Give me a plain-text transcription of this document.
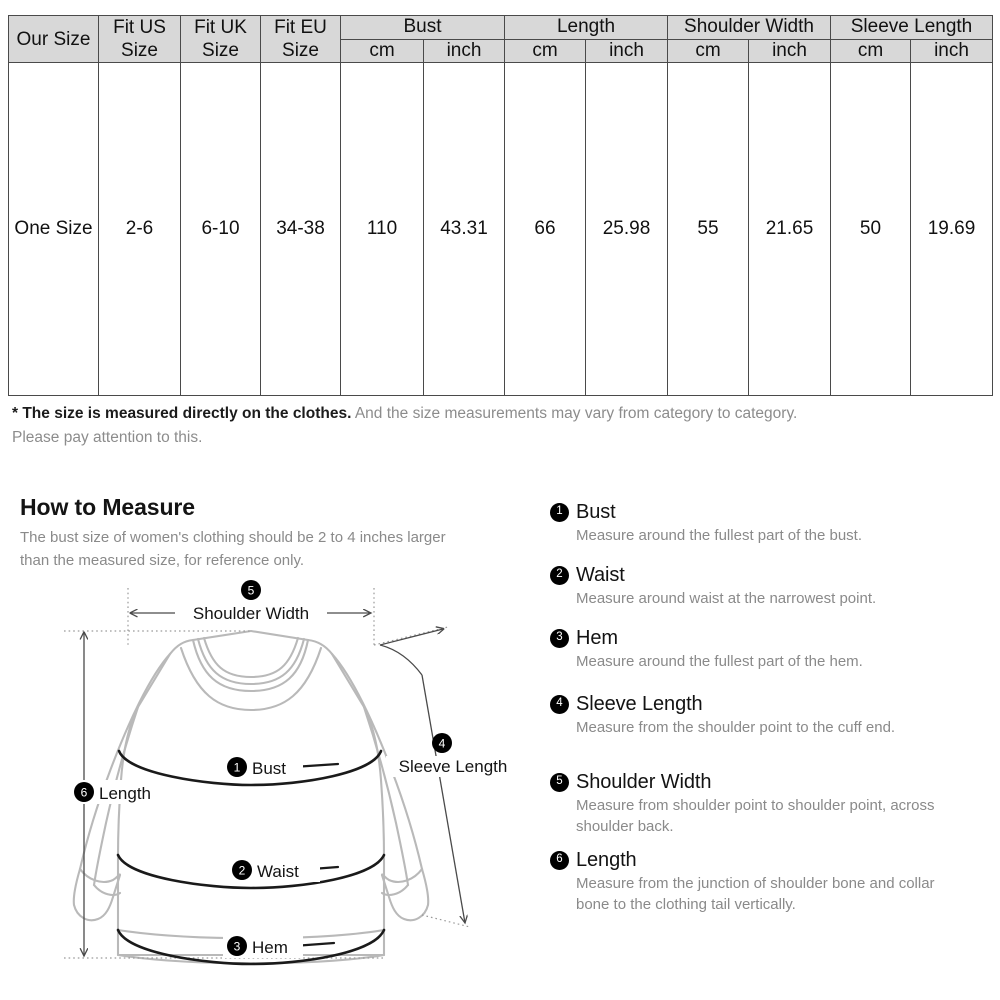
Our Size	Fit US Size	Fit UK Size	Fit EU Size	Bust		Length		Shoulder Width		Sleeve Length	
				cm	inch	cm	inch	cm	inch	cm	inch
One Size	2-6	6-10	34-38	110	43.31	66	25.98	55	21.65	50	19.69
* The size is measured directly on the clothes. And the size measurements may vary from category to category. Please pay attention to this.
How to Measure
The bust size of women's clothing should be 2 to 4 inches larger than the measured size, for reference only.
5
Shoulder Width
6 Length
1 Bust
2 Waist
3 Hem
4
Sleeve Length
1 Bust
Measure around the fullest part of the bust.
2 Waist
Measure around waist at the narrowest point.
3 Hem
Measure around the fullest part of the hem.
4 Sleeve Length
Measure from the shoulder point to the cuff end.
5 Shoulder Width
Measure from shoulder point to shoulder point, across shoulder back.
6 Length
Measure from the junction of shoulder bone and collar bone to the clothing tail vertically.
